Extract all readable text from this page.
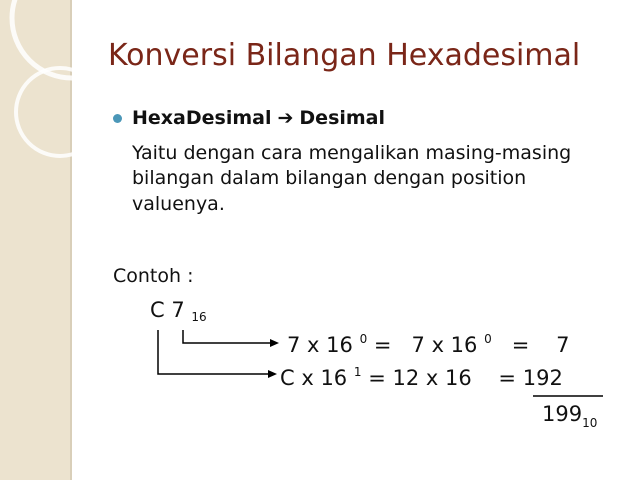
Konversi Bilangan Hexadesimal
HexaDesimal ➔ Desimal
Yaitu dengan cara mengalikan masing-masing
bilangan dalam bilangan dengan position
valuenya.
Contoh :
C 7 16
7 x 16 $^0$ = 7 x 16 $^0$ = 7
C x 16 $^1$ = 12 x 16 = 192
$199_{10}$
